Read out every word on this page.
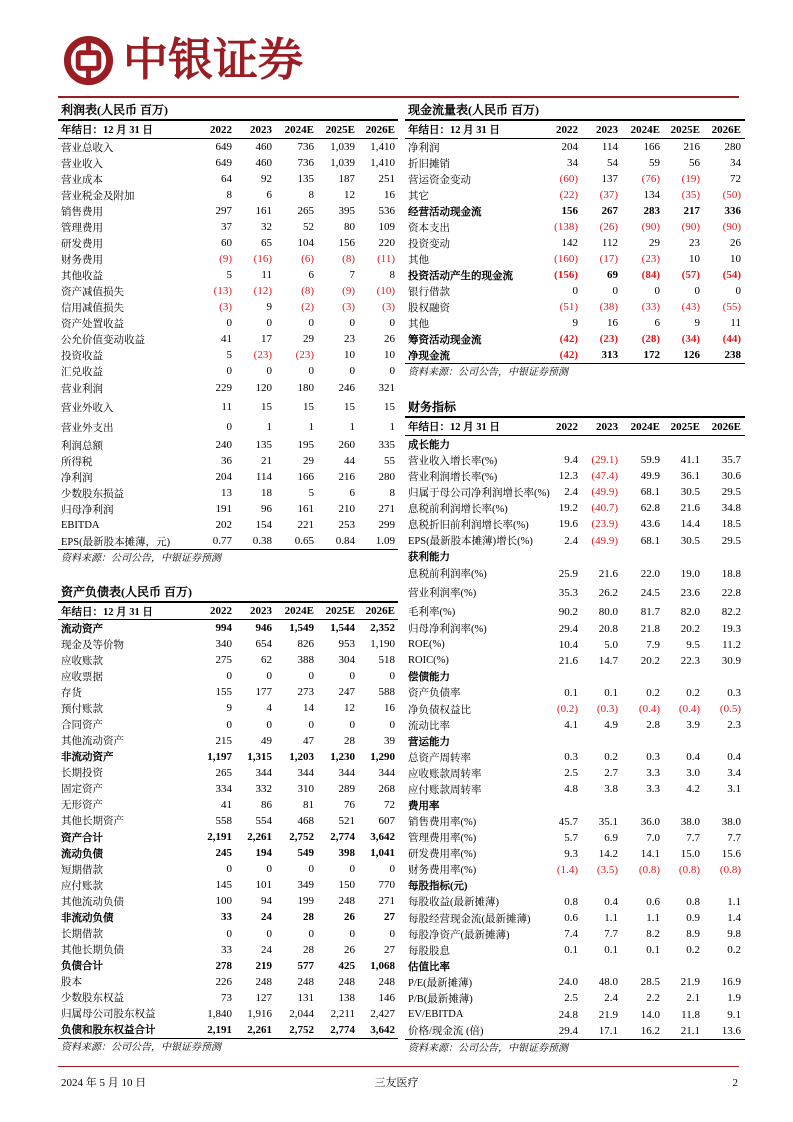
中银证券
利润表(人民币 百万)
年结日：12 月 31 日	2022	2023	2024E	2025E 2026E
营业总收入	649	460	736	1,039	1,410
营业收入	649	460	736	1,039	1,410
营业成本	64	92	135	187	251
营业税金及附加	8	6	8	12	16
销售费用	297	161	265	395	536
管理费用	37	32	52	80	109
研发费用	60	65	104	156	220
财务费用	(9)	(16)	(6)	(8)	(11)
其他收益	5	11	6	7	8
资产减值损失	(13)	(12)	(8)	(9)	(10)
信用减值损失	(3)	9	(2)	(3)	(3)
资产处置收益	0	0	0	0	0
公允价值变动收益	41	17	29	23	26
投资收益	5	(23)	(23)	10	10
汇兑收益	0	0	0	0	0
营业利润	229	120	180	246	321
营业外收入	11	15	15	15	15
营业外支出	0	1	1	1	1
利润总额	240	135	195	260	335
所得税	36	21	29	44	55
净利润	204	114	166	216	280
少数股东损益	13	18	5	6	8
归母净利润	191	96	161	210	271
EBITDA	202	154	221	253	299
EPS(最新股本摊薄，元)	0.77	0.38	0.65	0.84	1.09
资料来源：公司公告，中银证券预测
资产负债表(人民币 百万)
年结日：12 月 31 日	2022	2023	2024E	2025E 2026E
流动资产	994	946	1,549	1,544	2,352
现金及等价物	340	654	826	953	1,190
应收账款	275	62	388	304	518
应收票据	0	0	0	0	0
存货	155	177	273	247	588
预付账款	9	4	14	12	16
合同资产	0	0	0	0	0
其他流动资产	215	49	47	28	39
非流动资产	1,197	1,315	1,203	1,230	1,290
长期投资	265	344	344	344	344
固定资产	334	332	310	289	268
无形资产	41	86	81	76	72
其他长期资产	558	554	468	521	607
资产合计	2,191	2,261	2,752	2,774	3,642
流动负债	245	194	549	398	1,041
短期借款	0	0	0	0	0
应付账款	145	101	349	150	770
其他流动负债	100	94	199	248	271
非流动负债	33	24	28	26	27
长期借款	0	0	0	0	0
其他长期负债	33	24	28	26	27
负债合计	278	219	577	425	1,068
股本	226	248	248	248	248
少数股东权益	73	127	131	138	146
归属母公司股东权益	1,840	1,916	2,044	2,211	2,427
负债和股东权益合计	2,191	2,261	2,752	2,774	3,642
资料来源：公司公告，中银证券预测
现金流量表(人民币 百万)
年结日：12 月 31 日	2022	2023	2024E 2025E	2026E
净利润	204	114	166	216	280
折旧摊销	34	54	59	56	34
营运资金变动	(60)	137	(76)	(19)	72
其它	(22)	(37)	134	(35)	(50)
经营活动现金流	156	267	283	217	336
资本支出	(138)	(26)	(90)	(90)	(90)
投资变动	142	112	29	23	26
其他	(160)	(17)	(23)	10	10
投资活动产生的现金流	(156)	69	(84)	(57)	(54)
银行借款	0	0	0	0	0
股权融资	(51)	(38)	(33)	(43)	(55)
其他	9	16	6	9	11
筹资活动现金流	(42)	(23)	(28)	(34)	(44)
净现金流	(42)	313	172	126	238
资料来源：公司公告，中银证券预测
财务指标
年结日：12 月 31 日	2022	2023	2024E 2025E	2026E
成长能力
营业收入增长率(%)	9.4	(29.1)	59.9	41.1	35.7
营业利润增长率(%)	12.3	(47.4)	49.9	36.1	30.6
归属于母公司净利润增长率(%)	2.4	(49.9)	68.1	30.5	29.5
息税前利润增长率(%)	19.2	(40.7)	62.8	21.6	34.8
息税折旧前利润增长率(%)	19.6	(23.9)	43.6	14.4	18.5
EPS(最新股本摊薄)增长(%)	2.4	(49.9)	68.1	30.5	29.5
获利能力
息税前利润率(%)	25.9	21.6	22.0	19.0	18.8
营业利润率(%)	35.3	26.2	24.5	23.6	22.8
毛利率(%)	90.2	80.0	81.7	82.0	82.2
归母净利润率(%)	29.4	20.8	21.8	20.2	19.3
ROE(%)	10.4	5.0	7.9	9.5	11.2
ROIC(%)	21.6	14.7	20.2	22.3	30.9
偿债能力
资产负债率	0.1	0.1	0.2	0.2	0.3
净负债权益比	(0.2)	(0.3)	(0.4)	(0.4)	(0.5)
流动比率	4.1	4.9	2.8	3.9	2.3
营运能力
总资产周转率	0.3	0.2	0.3	0.4	0.4
应收账款周转率	2.5	2.7	3.3	3.0	3.4
应付账款周转率	4.8	3.8	3.3	4.2	3.1
费用率
销售费用率(%)	45.7	35.1	36.0	38.0	38.0
管理费用率(%)	5.7	6.9	7.0	7.7	7.7
研发费用率(%)	9.3	14.2	14.1	15.0	15.6
财务费用率(%)	(1.4)	(3.5)	(0.8)	(0.8)	(0.8)
每股指标(元)
每股收益(最新摊薄)	0.8	0.4	0.6	0.8	1.1
每股经营现金流(最新摊薄)	0.6	1.1	1.1	0.9	1.4
每股净资产(最新摊薄)	7.4	7.7	8.2	8.9	9.8
每股股息	0.1	0.1	0.1	0.2	0.2
估值比率
P/E(最新摊薄)	24.0	48.0	28.5	21.9	16.9
P/B(最新摊薄)	2.5	2.4	2.2	2.1	1.9
EV/EBITDA	24.8	21.9	14.0	11.8	9.1
价格/现金流 (倍)	29.4	17.1	16.2	21.1	13.6
资料来源：公司公告，中银证券预测
2024 年 5 月 10 日	三友医疗	2
